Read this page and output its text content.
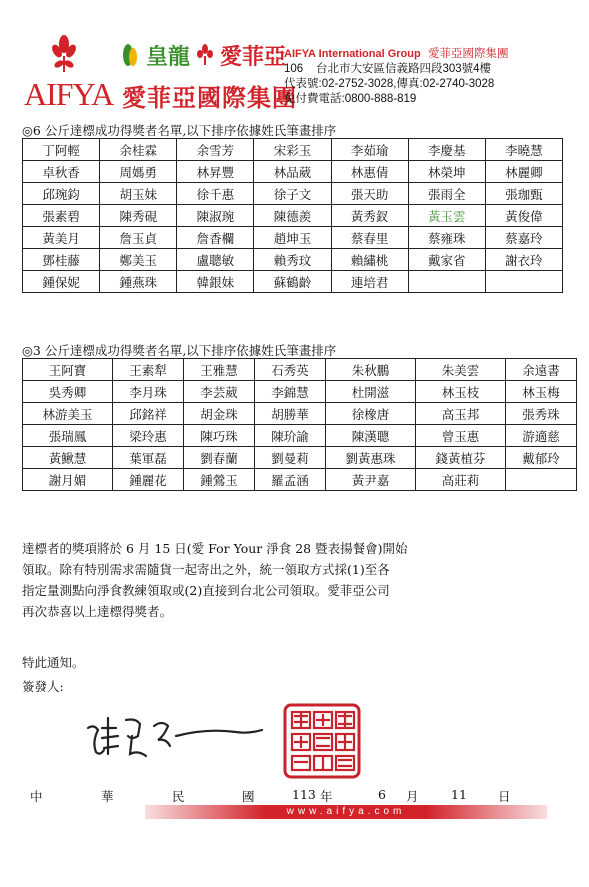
AIFYA
皇龍 愛菲亞
愛菲亞國際集團
AIFYA International Group 愛菲亞國際集團
106 台北市大安區信義路四段303號4樓
代表號:02-2752-3028,傳真:02-2740-3028
免付費電話:0800-888-819
◎6 公斤達標成功得獎者名單,以下排序依據姓氏筆畫排序
丁阿輕	余桂霖	余雪芳	宋彩玉	李茹瑜	李慶基	李曉慧
卓秋香	周媽勇	林昇豐	林品葳	林惠倩	林榮坤	林麗卿
邱琬鈞	胡玉妹	徐千惠	徐子文	張天助	張雨全	張珈甄
張素碧	陳秀硯	陳淑琬	陳德羨	黃秀釵	黃玉雲	黃俊偉
黃美月	詹玉貞	詹香欄	趙坤玉	蔡春里	蔡雍珠	蔡嘉玲
鄧桂藤	鄭美玉	盧聰敏	賴秀玟	賴繡桃	戴家省	謝衣玲
鍾保妮	鍾燕珠	韓銀妹	蘇鶴齡	連培君		
◎3 公斤達標成功得獎者名單,以下排序依據姓氏筆畫排序
王阿寶	王素犁	王雅慧	石秀英	朱秋鵬	朱美雲	余遠書
吳秀卿	李月珠	李芸葳	李錦慧	杜開滋	林玉枝	林玉梅
林游美玉	邱銘祥	胡金珠	胡勝華	徐橡唐	高玉邦	張秀珠
張瑞鳳	梁玲惠	陳巧珠	陳玠諭	陳漢聰	曾玉惠	游適慈
黃鰍慧	葉軍磊	劉春蘭	劉曼莉	劉黃惠珠	錢黃植芬	戴郁玲
謝月媚	鍾麗花	鍾鶯玉	羅孟涵	黃尹嘉	高莊莉	
達標者的獎項將於 6 月 15 日(愛 For Your 淨食 28 暨表揚餐會)開始
領取。除有特別需求需隨貨一起寄出之外，統一領取方式採(1)至各
指定量測點向淨食教練領取或(2)直接到台北公司領取。愛菲亞公司
再次恭喜以上達標得獎者。
特此通知。
簽發人:
中	華	民	國	113 年	6 月	11 日
www.aifya.com
